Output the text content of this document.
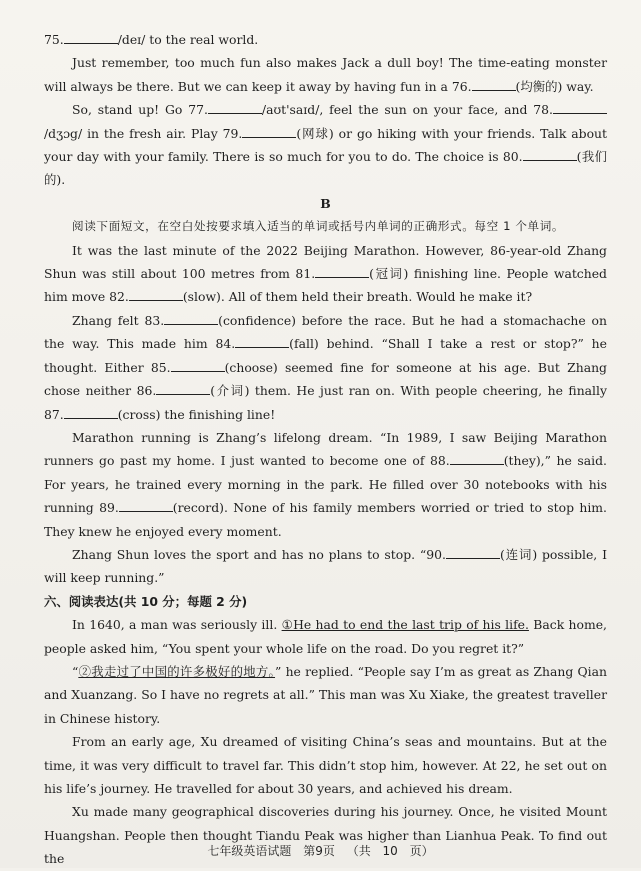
75.	/deɪ/ to the real world.

Just remember, too much fun also makes Jack a dull boy! The time-eating monster will always be there. But we can keep it away by having fun in a 76.	(均衡的) way.

So, stand up! Go 77.	/aʊt'saɪd/, feel the sun on your face, and 78./dʒɔg/ in the fresh air. Play 79.	(网球) or go hiking with your friends. Talk about your day with your family. There is so much for you to do. The choice is 80.	(我们的).

B

阅读下面短文，在空白处按要求填入适当的单词或括号内单词的正确形式。每空 1 个单词。

It was the last minute of the 2022 Beijing Marathon. However, 86-year-old Zhang Shun was still about 100 metres from 81.	(冠词) finishing line. People watched him move 82.	(slow). All of them held their breath. Would he make it?

Zhang felt 83.	(confidence) before the race. But he had a stomachache on the way. This made him 84.	(fall) behind. “Shall I take a rest or stop?” he thought. Either 85.	(choose) seemed fine for someone at his age. But Zhang chose neither 86.	(介词) them. He just ran on. With people cheering, he finally 87.	(cross) the finishing line!

Marathon running is Zhang’s lifelong dream. “In 1989, I saw Beijing Marathon runners go past my home. I just wanted to become one of 88.	(they),” he said. For years, he trained every morning in the park. He filled over 30 notebooks with his running 89.	(record). None of his family members worried or tried to stop him. They knew he enjoyed every moment.

Zhang Shun loves the sport and has no plans to stop. “90.	(连词) possible, I will keep running.”

六、阅读表达(共 10 分；每题 2 分)

In 1640, a man was seriously ill. ①He had to end the last trip of his life. Back home, people asked him, “You spent your whole life on the road. Do you regret it?”

“②我走过了中国的许多极好的地方。” he replied. “People say I’m as great as Zhang Qian and Xuanzang. So I have no regrets at all.” This man was Xu Xiake, the greatest traveller in Chinese history.

From an early age, Xu dreamed of visiting China’s seas and mountains. But at the time, it was very difficult to travel far. This didn’t stop him, however. At 22, he set out on his life’s journey. He travelled for about 30 years, and achieved his dream.

Xu made many geographical discoveries during his journey. Once, he visited Mount Huangshan. People then thought Tiandu Peak was higher than Lianhua Peak. To find out the

七年级英语试题 第9页 （共 10 页）
